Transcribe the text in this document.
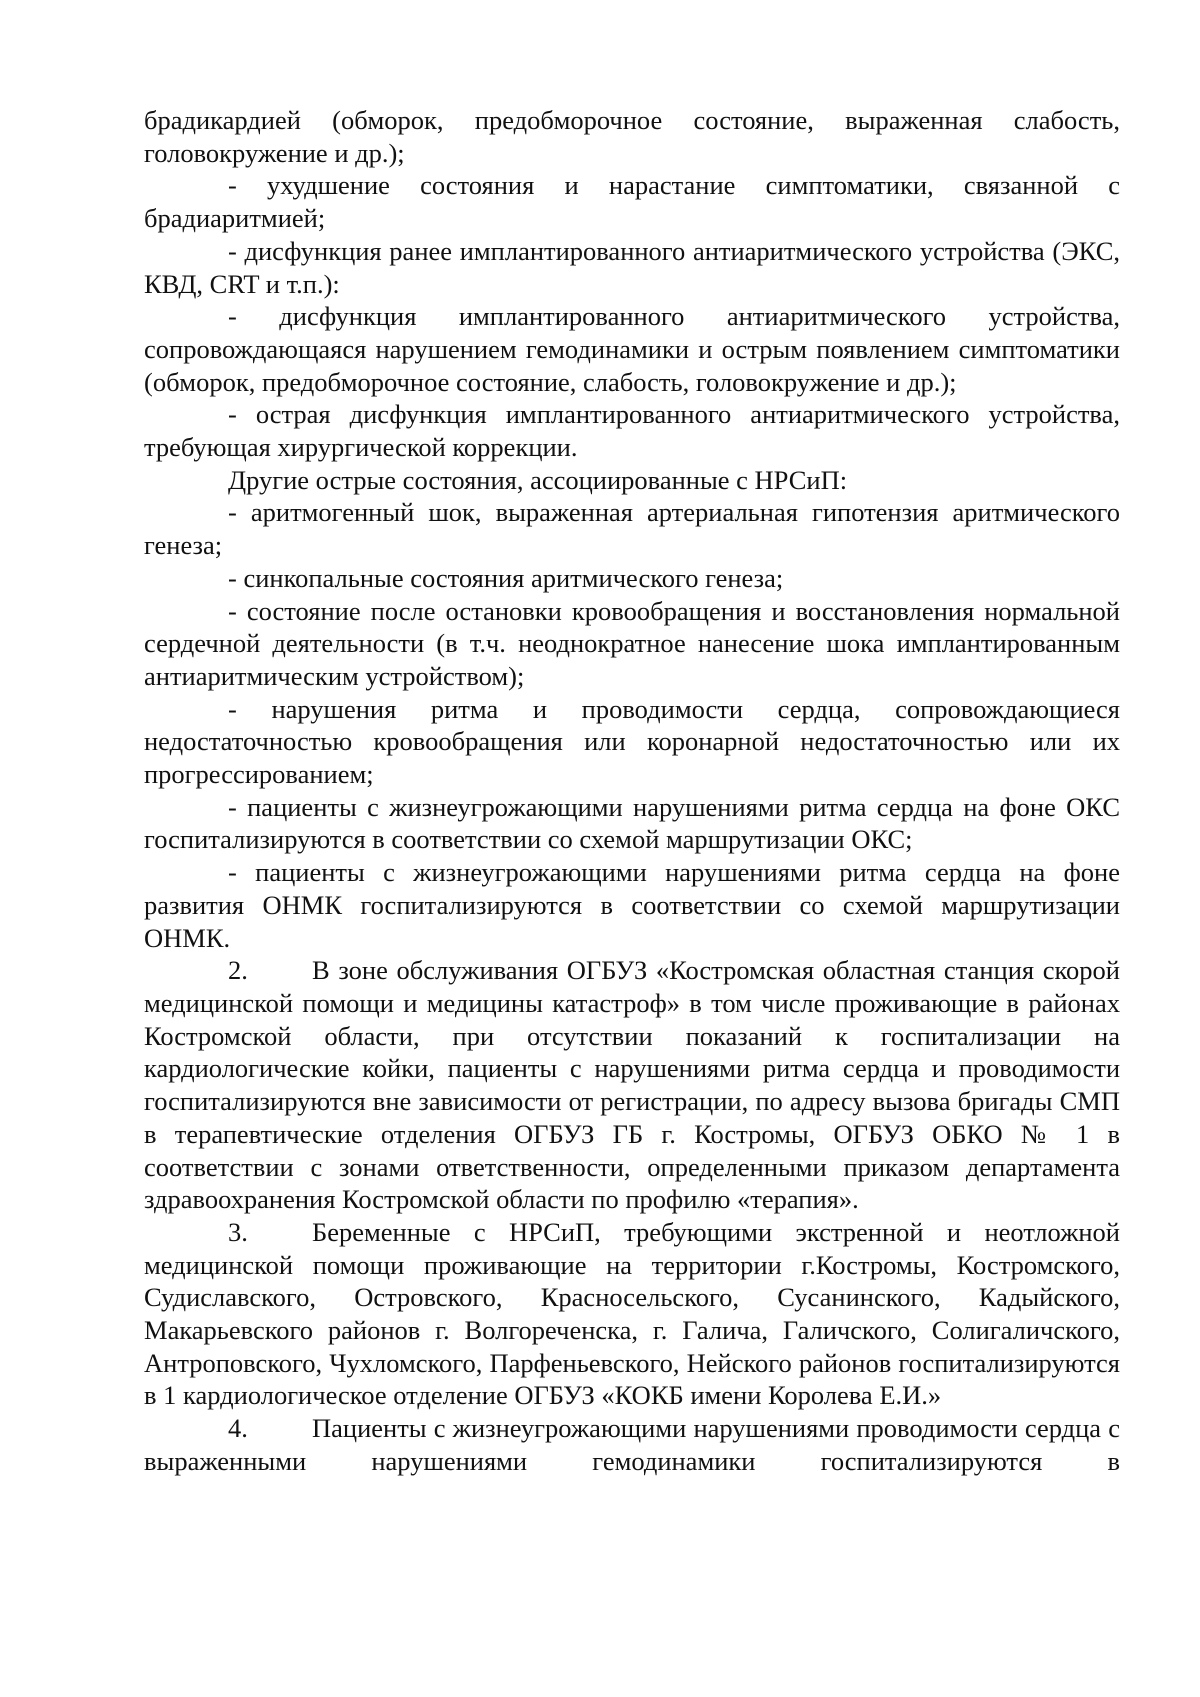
брадикардией (обморок, предобморочное состояние, выраженная слабость, головокружение и др.);

- ухудшение состояния и нарастание симптоматики, связанной с брадиаритмией;

- дисфункция ранее имплантированного антиаритмического устройства (ЭКС, КВД, CRT и т.п.):

- дисфункция имплантированного антиаритмического устройства, сопровождающаяся нарушением гемодинамики и острым появлением симптоматики (обморок, предобморочное состояние, слабость, головокружение и др.);

- острая дисфункция имплантированного антиаритмического устройства, требующая хирургической коррекции.

Другие острые состояния, ассоциированные с НРСиП:

- аритмогенный шок, выраженная артериальная гипотензия аритмического генеза;

- синкопальные состояния аритмического генеза;

- состояние после остановки кровообращения и восстановления нормальной сердечной деятельности (в т.ч. неоднократное нанесение шока имплантированным антиаритмическим устройством);

- нарушения ритма и проводимости сердца, сопровождающиеся недостаточностью кровообращения или коронарной недостаточностью или их прогрессированием;

- пациенты с жизнеугрожающими нарушениями ритма сердца на фоне ОКС госпитализируются в соответствии со схемой маршрутизации ОКС;

- пациенты с жизнеугрожающими нарушениями ритма сердца на фоне развития ОНМК госпитализируются в соответствии со схемой маршрутизации ОНМК.

2. В зоне обслуживания ОГБУЗ «Костромская областная станция скорой медицинской помощи и медицины катастроф» в том числе проживающие в районах Костромской области, при отсутствии показаний к госпитализации на кардиологические койки, пациенты с нарушениями ритма сердца и проводимости госпитализируются вне зависимости от регистрации, по адресу вызова бригады СМП в терапевтические отделения ОГБУЗ ГБ г. Костромы, ОГБУЗ ОБКО № 1 в соответствии с зонами ответственности, определенными приказом департамента здравоохранения Костромской области по профилю «терапия».

3. Беременные с НРСиП, требующими экстренной и неотложной медицинской помощи проживающие на территории г.Костромы, Костромского, Судиславского, Островского, Красносельского, Сусанинского, Кадыйского, Макарьевского районов г. Волгореченска, г. Галича, Галичского, Солигаличского, Антроповского, Чухломского, Парфеньевского, Нейского районов госпитализируются в 1 кардиологическое отделение ОГБУЗ «КОКБ имени Королева Е.И.»

4. Пациенты с жизнеугрожающими нарушениями проводимости сердца с выраженными нарушениями гемодинамики госпитализируются в
